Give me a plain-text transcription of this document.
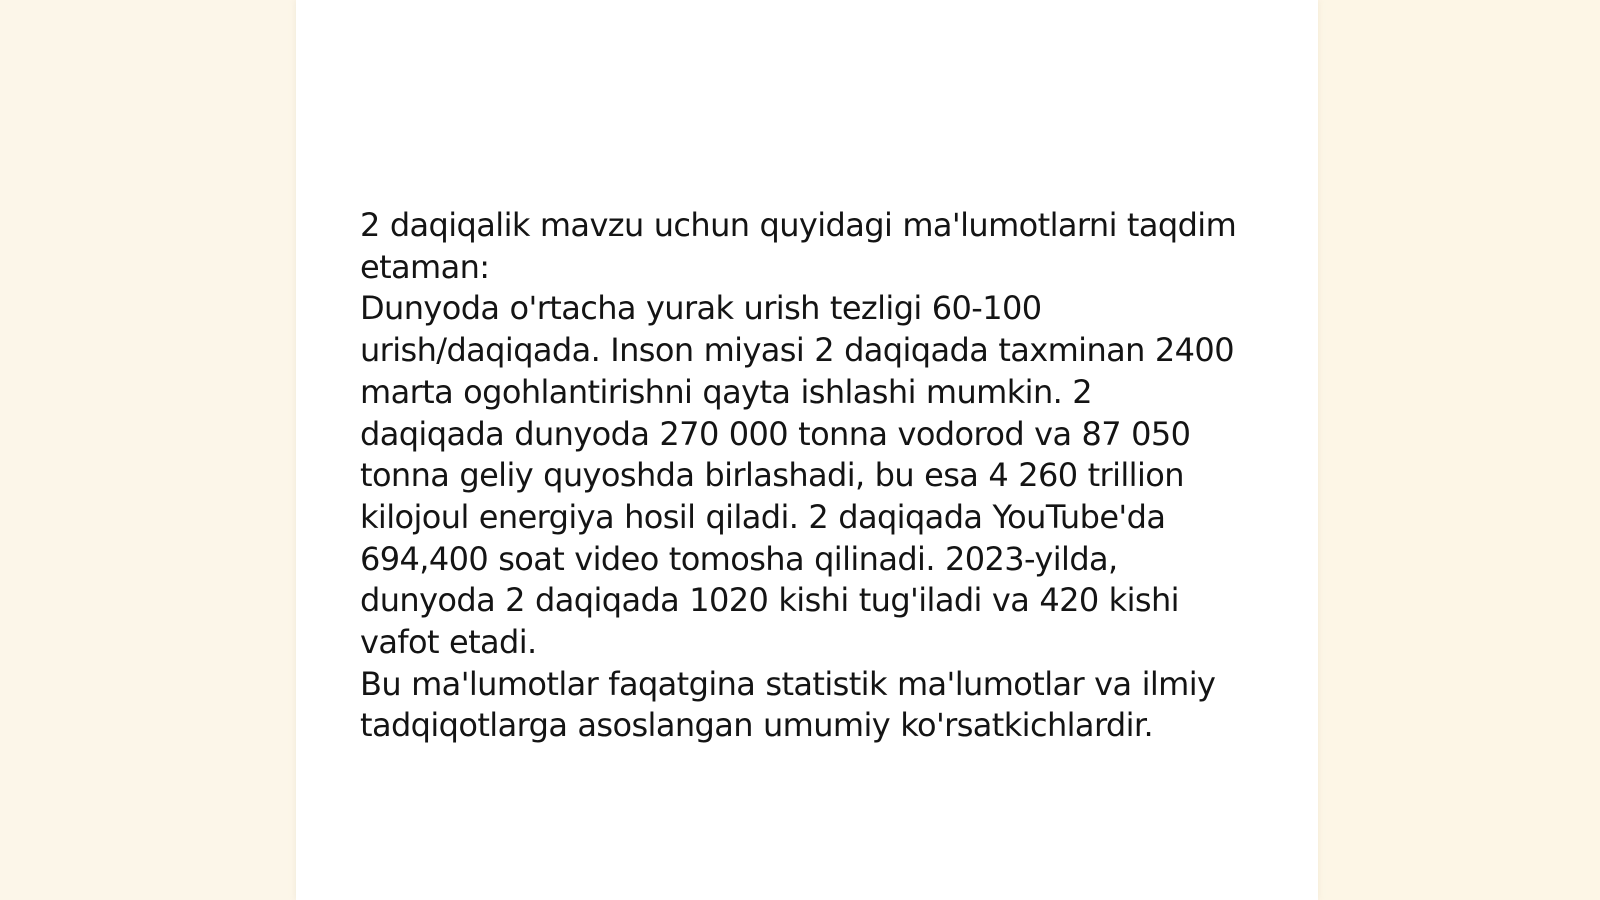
2 daqiqalik mavzu uchun quyidagi ma'lumotlarni taqdim etaman:

Dunyoda o'rtacha yurak urish tezligi 60-100 urish/daqiqada. Inson miyasi 2 daqiqada taxminan 2400 marta ogohlantirishni qayta ishlashi mumkin. 2 daqiqada dunyoda 270 000 tonna vodorod va 87 050 tonna geliy quyoshda birlashadi, bu esa 4 260 trillion kilojoul energiya hosil qiladi. 2 daqiqada YouTube'da 694,400 soat video tomosha qilinadi. 2023-yilda, dunyoda 2 daqiqada 1020 kishi tug'iladi va 420 kishi vafot etadi.

Bu ma'lumotlar faqatgina statistik ma'lumotlar va ilmiy tadqiqotlarga asoslangan umumiy ko'rsatkichlardir.
